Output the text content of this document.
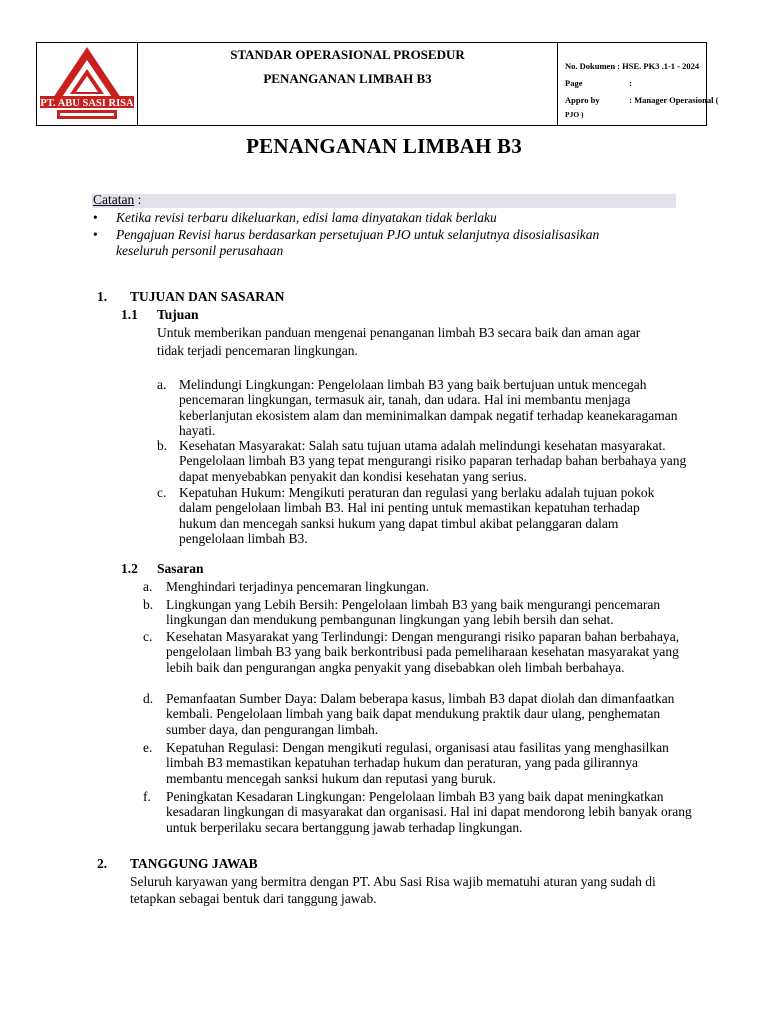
PT. ABU SASI RISA
STANDAR OPERASIONAL PROSEDUR
PENANGANAN LIMBAH B3
No. Dokumen : HSE. PK3 .1-1 - 2024
Page	:
Appro by	: Manager Operasional (
PJO )
PENANGANAN LIMBAH B3
Catatan :
• Ketika revisi terbaru dikeluarkan, edisi lama dinyatakan tidak berlaku
• Pengajuan Revisi harus berdasarkan persetujuan PJO untuk selanjutnya disosialisasikan keseluruh personil perusahaan
1. TUJUAN DAN SASARAN
1.1 Tujuan
Untuk memberikan panduan mengenai penanganan limbah B3 secara baik dan aman agar
tidak terjadi pencemaran lingkungan.
a. Melindungi Lingkungan: Pengelolaan limbah B3 yang baik bertujuan untuk mencegah pencemaran lingkungan, termasuk air, tanah, dan udara. Hal ini membantu menjaga keberlanjutan ekosistem alam dan meminimalkan dampak negatif terhadap keanekaragaman hayati.
b. Kesehatan Masyarakat: Salah satu tujuan utama adalah melindungi kesehatan masyarakat. Pengelolaan limbah B3 yang tepat mengurangi risiko paparan terhadap bahan berbahaya yang dapat menyebabkan penyakit dan kondisi kesehatan yang serius.
c. Kepatuhan Hukum: Mengikuti peraturan dan regulasi yang berlaku adalah tujuan pokok dalam pengelolaan limbah B3. Hal ini penting untuk memastikan kepatuhan terhadap hukum dan mencegah sanksi hukum yang dapat timbul akibat pelanggaran dalam pengelolaan limbah B3.
1.2 Sasaran
a. Menghindari terjadinya pencemaran lingkungan.
b. Lingkungan yang Lebih Bersih: Pengelolaan limbah B3 yang baik mengurangi pencemaran lingkungan dan mendukung pembangunan lingkungan yang lebih bersih dan sehat.
c. Kesehatan Masyarakat yang Terlindungi: Dengan mengurangi risiko paparan bahan berbahaya, pengelolaan limbah B3 yang baik berkontribusi pada pemeliharaan kesehatan masyarakat yang lebih baik dan pengurangan angka penyakit yang disebabkan oleh limbah berbahaya.
d. Pemanfaatan Sumber Daya: Dalam beberapa kasus, limbah B3 dapat diolah dan dimanfaatkan kembali. Pengelolaan limbah yang baik dapat mendukung praktik daur ulang, penghematan sumber daya, dan pengurangan limbah.
e. Kepatuhan Regulasi: Dengan mengikuti regulasi, organisasi atau fasilitas yang menghasilkan limbah B3 memastikan kepatuhan terhadap hukum dan peraturan, yang pada gilirannya membantu mencegah sanksi hukum dan reputasi yang buruk.
f. Peningkatan Kesadaran Lingkungan: Pengelolaan limbah B3 yang baik dapat meningkatkan kesadaran lingkungan di masyarakat dan organisasi. Hal ini dapat mendorong lebih banyak orang untuk berperilaku secara bertanggung jawab terhadap lingkungan.
2. TANGGUNG JAWAB
Seluruh karyawan yang bermitra dengan PT. Abu Sasi Risa wajib mematuhi aturan yang sudah di
tetapkan sebagai bentuk dari tanggung jawab.
